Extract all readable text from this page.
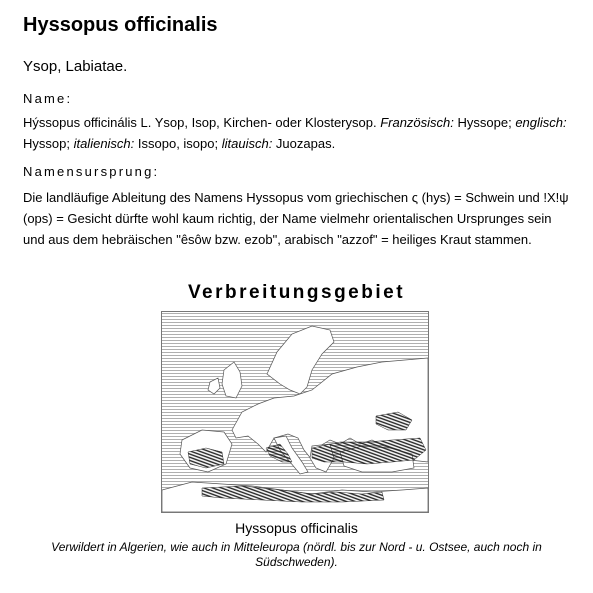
Hyssopus officinalis
Ysop, Labiatae.
Name:
Hýssopus officinális L. Ysop, Isop, Kirchen- oder Klosterysop. Französisch: Hyssope; englisch: Hyssop; italienisch: Issopo, isopo; litauisch: Juozapas.
Namensursprung:
Die landläufige Ableitung des Namens Hyssopus vom griechischen ς (hys) = Schwein und !X!ψ (ops) = Gesicht dürfte wohl kaum richtig, der Name vielmehr orientalischen Ursprunges sein und aus dem hebräischen "êsôw bzw. ezob", arabisch "azzof" = heiliges Kraut stammen.
Verbreitungsgebiet
Hyssopus officinalis
Verwildert in Algerien, wie auch in Mitteleuropa (nördl. bis zur Nord - u. Ostsee, auch noch in Südschweden).
